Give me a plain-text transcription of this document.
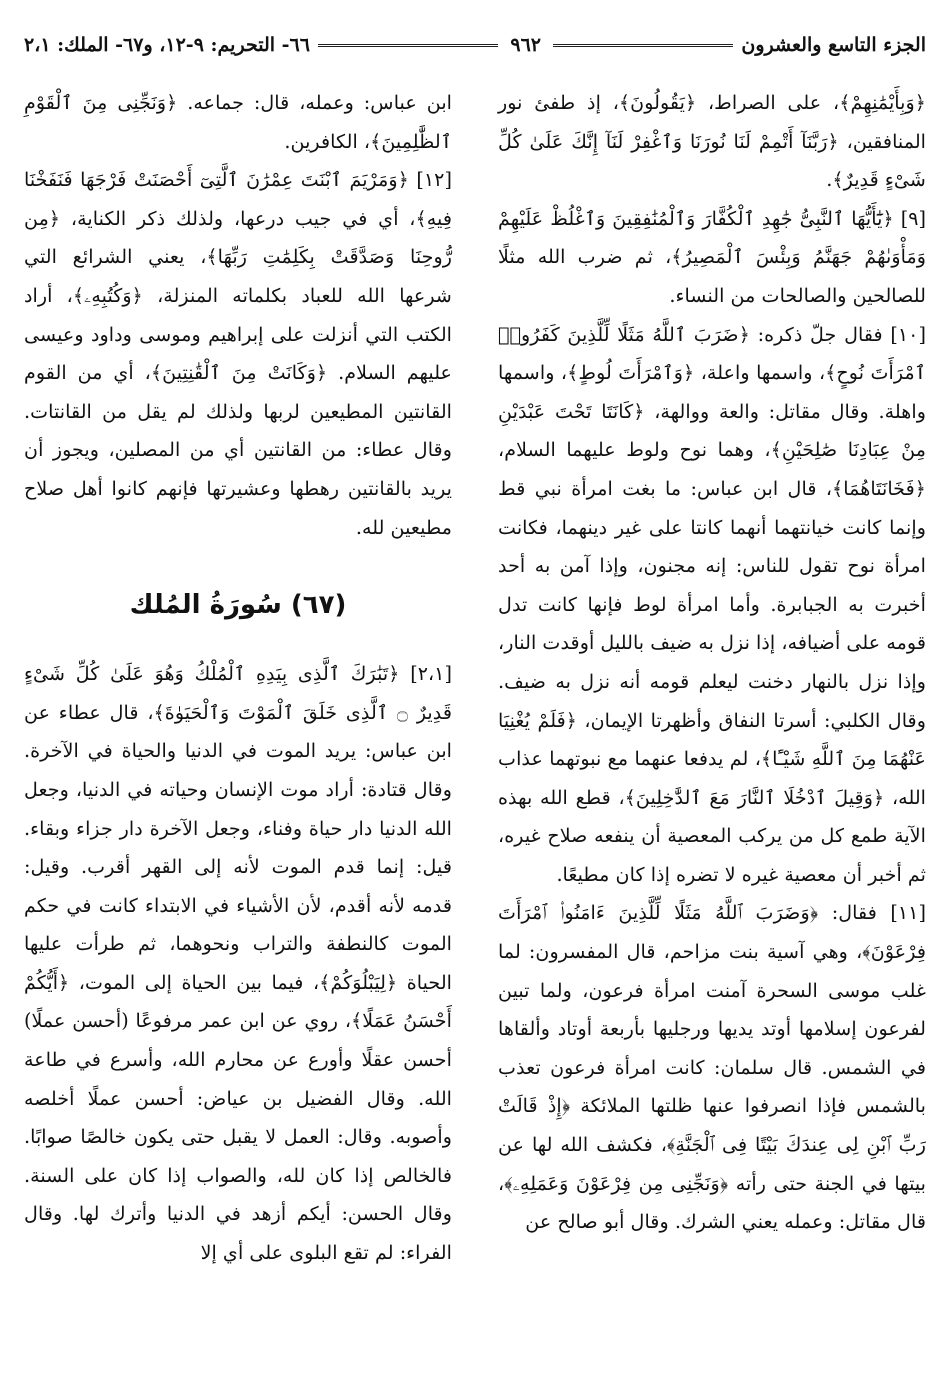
الجزء التاسع والعشرون
٩٦٢
٦٦- التحريم: ٩-١٢، و٦٧- الملك: ٢،١

﴿وَبِأَيْمَٰنِهِمْ﴾، على الصراط، ﴿يَقُولُونَ﴾، إذ طفئ نور المنافقين، ﴿رَبَّنَآ أَتْمِمْ لَنَا نُورَنَا وَٱغْفِرْ لَنَآ إِنَّكَ عَلَىٰ كُلِّ شَىْءٍ قَدِيرٌ﴾.

[٩] ﴿يَٰٓأَيُّهَا ٱلنَّبِىُّ جَٰهِدِ ٱلْكُفَّارَ وَٱلْمُنَٰفِقِينَ وَٱغْلُظْ عَلَيْهِمْ وَمَأْوَىٰهُمْ جَهَنَّمُ وَبِئْسَ ٱلْمَصِيرُ﴾، ثم ضرب الله مثلًا للصالحين والصالحات من النساء.

[١٠] فقال جلّ ذكره: ﴿ضَرَبَ ٱللَّهُ مَثَلًا لِّلَّذِينَ كَفَرُوا۟ ٱمْرَأَتَ نُوحٍ﴾، واسمها واعلة، ﴿وَٱمْرَأَتَ لُوطٍ﴾، واسمها واهلة. وقال مقاتل: والعة ووالهة، ﴿كَانَتَا تَحْتَ عَبْدَيْنِ مِنْ عِبَادِنَا صَٰلِحَيْنِ﴾، وهما نوح ولوط عليهما السلام، ﴿فَخَانَتَاهُمَا﴾، قال ابن عباس: ما بغت امرأة نبي قط وإنما كانت خيانتهما أنهما كانتا على غير دينهما، فكانت امرأة نوح تقول للناس: إنه مجنون، وإذا آمن به أحد أخبرت به الجبابرة. وأما امرأة لوط فإنها كانت تدل قومه على أضيافه، إذا نزل به ضيف بالليل أوقدت النار، وإذا نزل بالنهار دخنت ليعلم قومه أنه نزل به ضيف. وقال الكلبي: أسرتا النفاق وأظهرتا الإيمان، ﴿فَلَمْ يُغْنِيَا عَنْهُمَا مِنَ ٱللَّهِ شَيْـًٔا﴾، لم يدفعا عنهما مع نبوتهما عذاب الله، ﴿وَقِيلَ ٱدْخُلَا ٱلنَّارَ مَعَ ٱلدَّٰخِلِينَ﴾، قطع الله بهذه الآية طمع كل من يركب المعصية أن ينفعه صلاح غيره، ثم أخبر أن معصية غيره لا تضره إذا كان مطيعًا.

[١١] فقال: ﴿وَضَرَبَ ٱللَّهُ مَثَلًا لِّلَّذِينَ ءَامَنُوا۟ ٱمْرَأَتَ فِرْعَوْنَ﴾، وهي آسية بنت مزاحم، قال المفسرون: لما غلب موسى السحرة آمنت امرأة فرعون، ولما تبين لفرعون إسلامها أوتد يديها ورجليها بأربعة أوتاد وألقاها في الشمس. قال سلمان: كانت امرأة فرعون تعذب بالشمس فإذا انصرفوا عنها ظلتها الملائكة ﴿إِذْ قَالَتْ رَبِّ ٱبْنِ لِى عِندَكَ بَيْتًا فِى ٱلْجَنَّةِ﴾، فكشف الله لها عن بيتها في الجنة حتى رأته ﴿وَنَجِّنِى مِن فِرْعَوْنَ وَعَمَلِهِۦ﴾، قال مقاتل: وعمله يعني الشرك. وقال أبو صالح عن

ابن عباس: وعمله، قال: جماعه. ﴿وَنَجِّنِى مِنَ ٱلْقَوْمِ ٱلظَّٰلِمِينَ﴾، الكافرين.

[١٢] ﴿وَمَرْيَمَ ٱبْنَتَ عِمْرَٰنَ ٱلَّتِىٓ أَحْصَنَتْ فَرْجَهَا فَنَفَخْنَا فِيهِ﴾، أي في جيب درعها، ولذلك ذكر الكناية، ﴿مِن رُّوحِنَا وَصَدَّقَتْ بِكَلِمَٰتِ رَبِّهَا﴾، يعني الشرائع التي شرعها الله للعباد بكلماته المنزلة، ﴿وَكُتُبِهِۦ﴾، أراد الكتب التي أنزلت على إبراهيم وموسى وداود وعيسى عليهم السلام. ﴿وَكَانَتْ مِنَ ٱلْقَٰنِتِينَ﴾، أي من القوم القانتين المطيعين لربها ولذلك لم يقل من القانتات. وقال عطاء: من القانتين أي من المصلين، ويجوز أن يريد بالقانتين رهطها وعشيرتها فإنهم كانوا أهل صلاح مطيعين لله.

(٦٧) سُورَةُ المُلك

[٢،١] ﴿تَبَٰرَكَ ٱلَّذِى بِيَدِهِ ٱلْمُلْكُ وَهُوَ عَلَىٰ كُلِّ شَىْءٍ قَدِيرٌ ۝ ٱلَّذِى خَلَقَ ٱلْمَوْتَ وَٱلْحَيَوٰةَ﴾، قال عطاء عن ابن عباس: يريد الموت في الدنيا والحياة في الآخرة. وقال قتادة: أراد موت الإنسان وحياته في الدنيا، وجعل الله الدنيا دار حياة وفناء، وجعل الآخرة دار جزاء وبقاء. قيل: إنما قدم الموت لأنه إلى القهر أقرب. وقيل: قدمه لأنه أقدم، لأن الأشياء في الابتداء كانت في حكم الموت كالنطفة والتراب ونحوهما، ثم طرأت عليها الحياة ﴿لِيَبْلُوَكُمْ﴾، فيما بين الحياة إلى الموت، ﴿أَيُّكُمْ أَحْسَنُ عَمَلًا﴾، روي عن ابن عمر مرفوعًا (أحسن عملًا) أحسن عقلًا وأورع عن محارم الله، وأسرع في طاعة الله. وقال الفضيل بن عياض: أحسن عملًا أخلصه وأصوبه. وقال: العمل لا يقبل حتى يكون خالصًا صوابًا. فالخالص إذا كان لله، والصواب إذا كان على السنة. وقال الحسن: أيكم أزهد في الدنيا وأترك لها. وقال الفراء: لم تقع البلوى على أي إلا
